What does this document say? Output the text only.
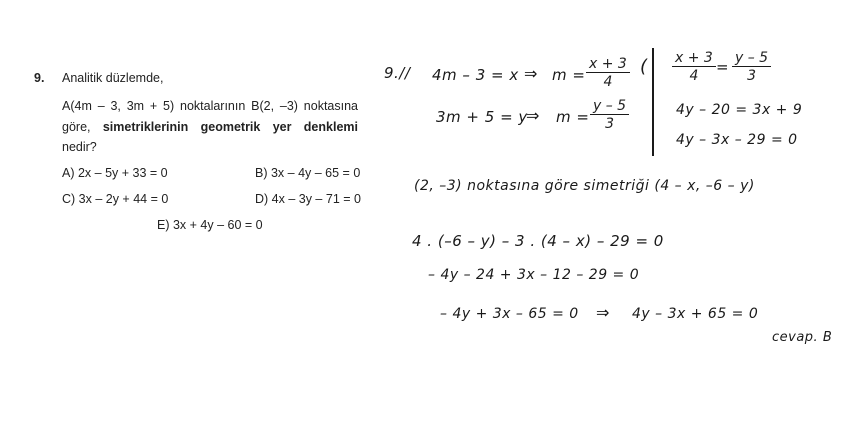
9. Analitik düzlemde,
A(4m – 3, 3m + 5) noktalarının B(2, –3) noktasına göre, simetriklerinin geometrik yer denklemi nedir?
A) 2x – 5y + 33 = 0	B) 3x – 4y – 65 = 0
C) 3x – 2y + 44 = 0	D) 4x – 3y – 71 = 0
E) 3x + 4y – 60 = 0
9.// 4m – 3 = x ⇒ $m = \frac{x + 3}{4}$
3m + 5 = y
⇒ $m = \frac{y - 5}{3}$
( $\frac{x + 3}{4} = \frac{y - 5}{3}$
4y – 20 = 3x + 9
4y – 3x – 29 = 0
(2, –3) noktasına göre simetriği (4 – x, –6 – y)
4 . (–6 – y) – 3 . (4 – x) – 29 = 0
– 4y – 24 + 3x – 12 – 29 = 0
– 4y + 3x – 65 = 0 ⇒ 4y – 3x + 65 = 0
cevap. B
